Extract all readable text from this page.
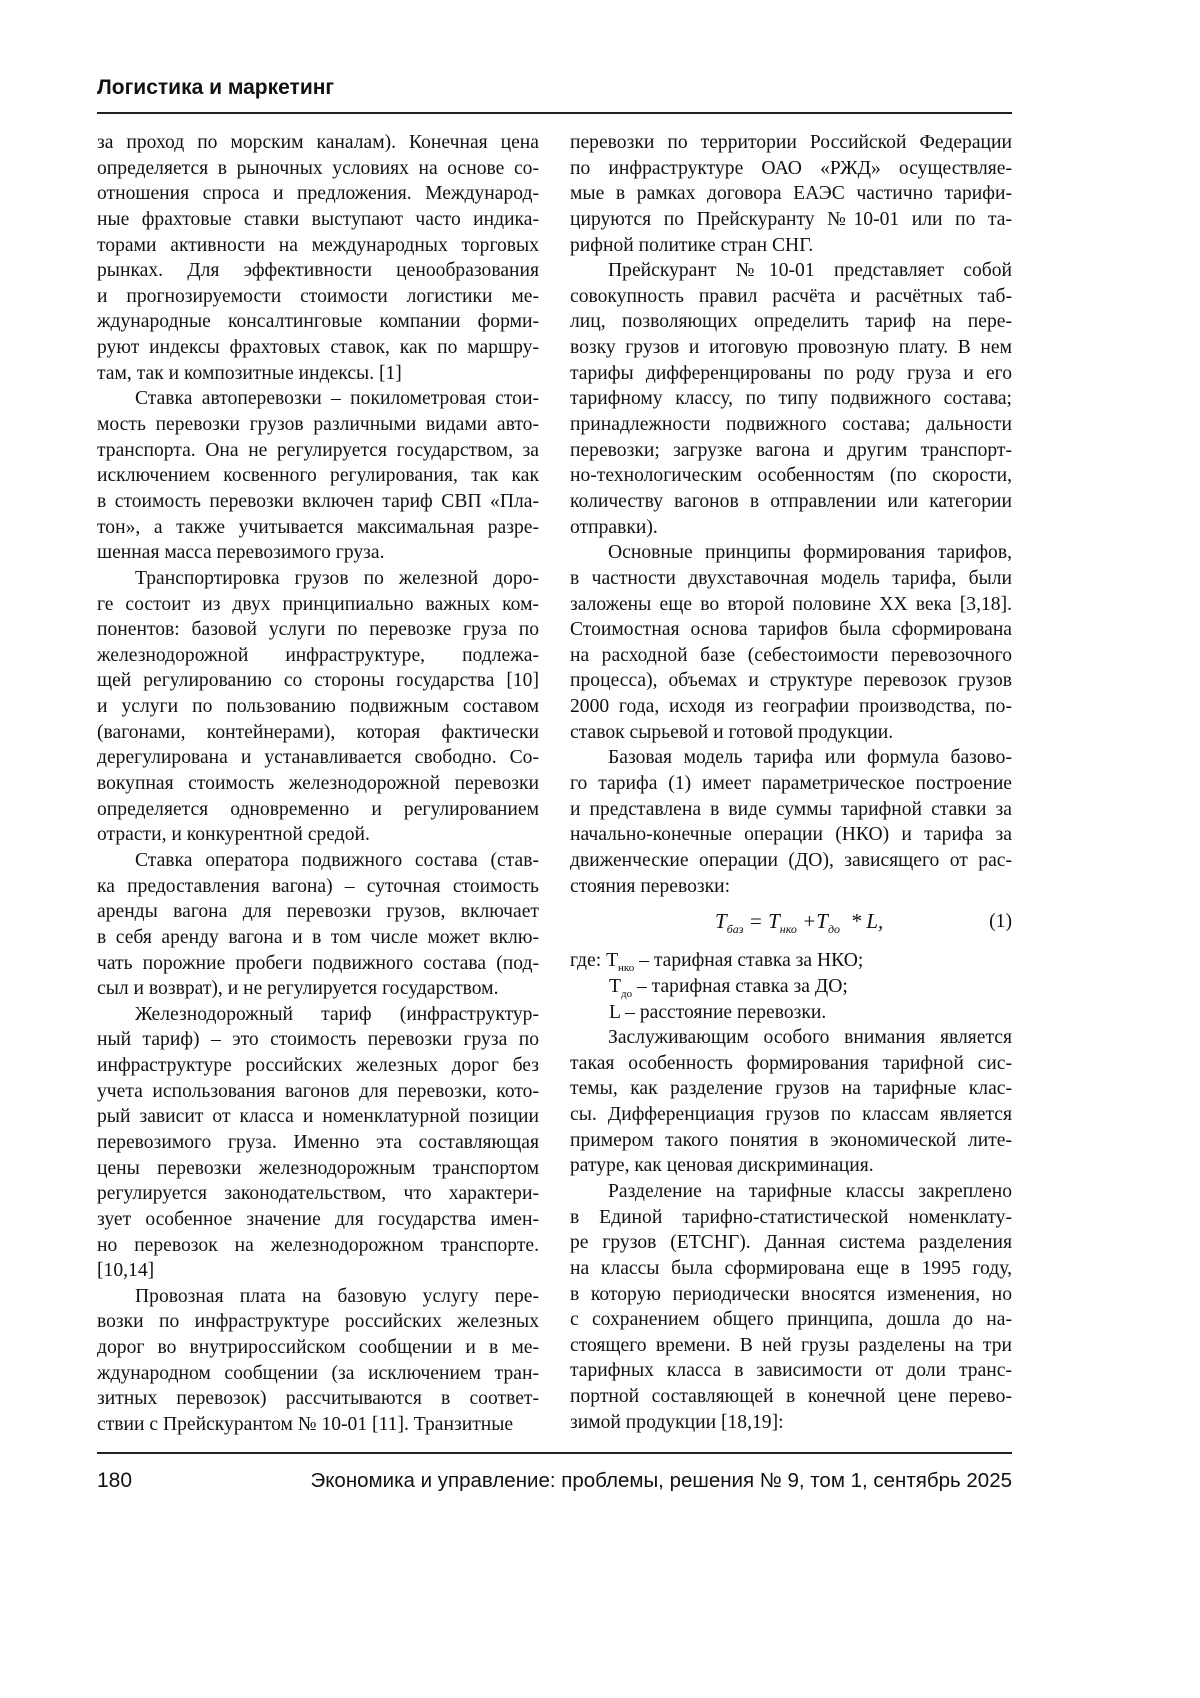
Логистика и маркетинг
за проход по морским каналам). Конечная цена
определяется в рыночных условиях на основе со-
отношения спроса и предложения. Международ-
ные фрахтовые ставки выступают часто индика-
торами активности на международных торговых
рынках. Для эффективности ценообразования
и прогнозируемости стоимости логистики ме-
ждународные консалтинговые компании форми-
руют индексы фрахтовых ставок, как по маршру-
там, так и композитные индексы. [1]
Ставка автоперевозки – покилометровая стои-
мость перевозки грузов различными видами авто-
транспорта. Она не регулируется государством, за
исключением косвенного регулирования, так как
в стоимость перевозки включен тариф СВП «Пла-
тон», а также учитывается максимальная разре-
шенная масса перевозимого груза.
Транспортировка грузов по железной доро-
ге состоит из двух принципиально важных ком-
понентов: базовой услуги по перевозке груза по
железнодорожной инфраструктуре, подлежа-
щей регулированию со стороны государства [10]
и услуги по пользованию подвижным составом
(вагонами, контейнерами), которая фактически
дерегулирована и устанавливается свободно. Со-
вокупная стоимость железнодорожной перевозки
определяется одновременно и регулированием
отрасти, и конкурентной средой.
Ставка оператора подвижного состава (став-
ка предоставления вагона) – суточная стоимость
аренды вагона для перевозки грузов, включает
в себя аренду вагона и в том числе может вклю-
чать порожние пробеги подвижного состава (под-
сыл и возврат), и не регулируется государством.
Железнодорожный тариф (инфраструктур-
ный тариф) – это стоимость перевозки груза по
инфраструктуре российских железных дорог без
учета использования вагонов для перевозки, кото-
рый зависит от класса и номенклатурной позиции
перевозимого груза. Именно эта составляющая
цены перевозки железнодорожным транспортом
регулируется законодательством, что характери-
зует особенное значение для государства имен-
но перевозок на железнодорожном транспорте.
[10,14]
Провозная плата на базовую услугу пере-
возки по инфраструктуре российских железных
дорог во внутрироссийском сообщении и в ме-
ждународном сообщении (за исключением тран-
зитных перевозок) рассчитываются в соответ-
ствии с Прейскурантом № 10-01 [11]. Транзитные
перевозки по территории Российской Федерации
по инфраструктуре ОАО «РЖД» осуществляе-
мые в рамках договора ЕАЭС частично тарифи-
цируются по Прейскуранту №10-01 или по та-
рифной политике стран СНГ.
Прейскурант №10-01 представляет собой
совокупность правил расчёта и расчётных таб-
лиц, позволяющих определить тариф на пере-
возку грузов и итоговую провозную плату. В нем
тарифы дифференцированы по роду груза и его
тарифному классу, по типу подвижного состава;
принадлежности подвижного состава; дальности
перевозки; загрузке вагона и другим транспорт-
но-технологическим особенностям (по скорости,
количеству вагонов в отправлении или категории
отправки).
Основные принципы формирования тарифов,
в частности двухставочная модель тарифа, были
заложены еще во второй половине XX века [3,18].
Стоимостная основа тарифов была сформирована
на расходной базе (себестоимости перевозочного
процесса), объемах и структуре перевозок грузов
2000 года, исходя из географии производства, по-
ставок сырьевой и готовой продукции.
Базовая модель тарифа или формула базово-
го тарифа (1) имеет параметрическое построение
и представлена в виде суммы тарифной ставки за
начально-конечные операции (НКО) и тарифа за
движенческие операции (ДО), зависящего от рас-
стояния перевозки:
Tбаз = Tнко +Tдо  * L,	(1)
где: Tнко – тарифная ставка за НКО;
Tдо – тарифная ставка за ДО;
L – расстояние перевозки.
Заслуживающим особого внимания является
такая особенность формирования тарифной сис-
темы, как разделение грузов на тарифные клас-
сы. Дифференциация грузов по классам является
примером такого понятия в экономической лите-
ратуре, как ценовая дискриминация.
Разделение на тарифные классы закреплено
в Единой тарифно-статистической номенклату-
ре грузов (ЕТСНГ). Данная система разделения
на классы была сформирована еще в 1995 году,
в которую периодически вносятся изменения, но
с сохранением общего принципа, дошла до на-
стоящего времени. В ней грузы разделены на три
тарифных класса в зависимости от доли транс-
портной составляющей в конечной цене перево-
зимой продукции [18,19]:
180	Экономика и управление: проблемы, решения № 9, том 1, сентябрь 2025
